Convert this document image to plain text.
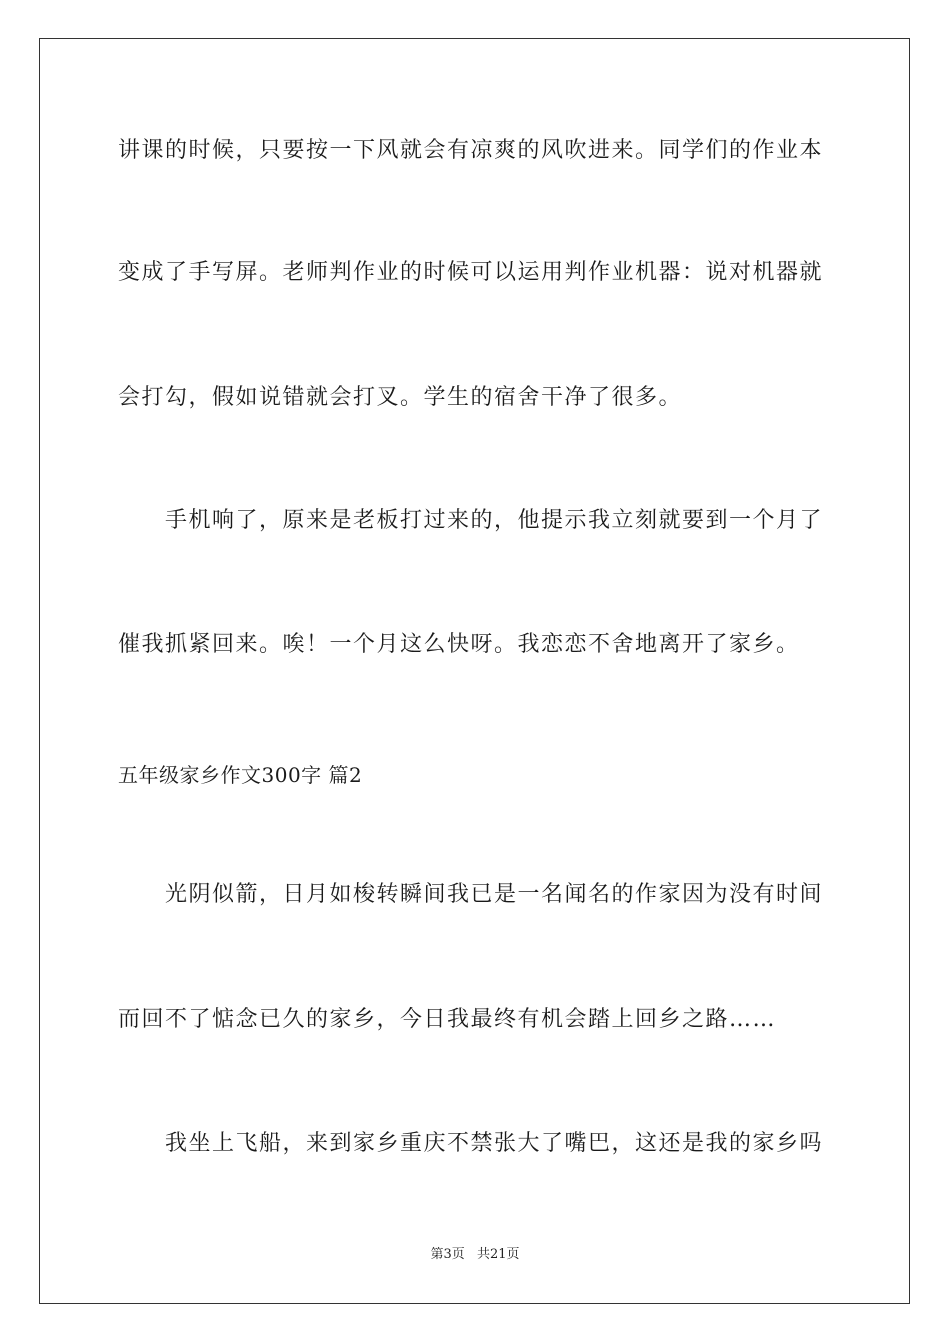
讲课的时候，只要按一下风就会有凉爽的风吹进来。同学们的作业本
变成了手写屏。老师判作业的时候可以运用判作业机器：说对机器就
会打勾，假如说错就会打叉。学生的宿舍干净了很多。
手机响了，原来是老板打过来的，他提示我立刻就要到一个月了
催我抓紧回来。唉！一个月这么快呀。我恋恋不舍地离开了家乡。
五年级家乡作文300字 篇2
光阴似箭，日月如梭转瞬间我已是一名闻名的作家因为没有时间
而回不了惦念已久的家乡，今日我最终有机会踏上回乡之路……
我坐上飞船，来到家乡重庆不禁张大了嘴巴，这还是我的家乡吗
第3页 共21页
